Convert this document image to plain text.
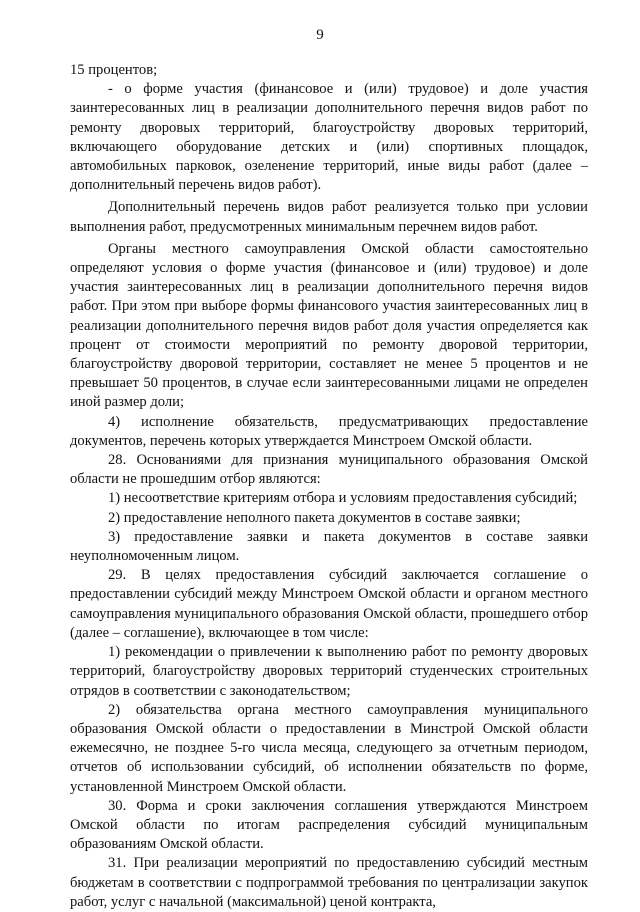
9

15 процентов;

- о форме участия (финансовое и (или) трудовое) и доле участия заинтересованных лиц в реализации дополнительного перечня видов работ по ремонту дворовых территорий, благоустройству дворовых территорий, включающего оборудование детских и (или) спортивных площадок, автомобильных парковок, озеленение территорий, иные виды работ (далее – дополнительный перечень видов работ).

Дополнительный перечень видов работ реализуется только при условии выполнения работ, предусмотренных минимальным перечнем видов работ.

Органы местного самоуправления Омской области самостоятельно определяют условия о форме участия (финансовое и (или) трудовое) и доле участия заинтересованных лиц в реализации дополнительного перечня видов работ. При этом при выборе формы финансового участия заинтересованных лиц в реализации дополнительного перечня видов работ доля участия определяется как процент от стоимости мероприятий по ремонту дворовой территории, благоустройству дворовой территории, составляет не менее 5 процентов и не превышает 50 процентов, в случае если заинтересованными лицами не определен иной размер доли;

4) исполнение обязательств, предусматривающих предоставление документов, перечень которых утверждается Минстроем Омской области.

28. Основаниями для признания муниципального образования Омской области не прошедшим отбор являются:

1) несоответствие критериям отбора и условиям предоставления субсидий;

2) предоставление неполного пакета документов в составе заявки;

3) предоставление заявки и пакета документов в составе заявки неуполномоченным лицом.

29. В целях предоставления субсидий заключается соглашение о предоставлении субсидий между Минстроем Омской области и органом местного самоуправления муниципального образования Омской области, прошедшего отбор (далее – соглашение), включающее в том числе:

1) рекомендации о привлечении к выполнению работ по ремонту дворовых территорий, благоустройству дворовых территорий студенческих строительных отрядов в соответствии с законодательством;

2) обязательства органа местного самоуправления муниципального образования Омской области о предоставлении в Минстрой Омской области ежемесячно, не позднее 5-го числа месяца, следующего за отчетным периодом, отчетов об использовании субсидий, об исполнении обязательств по форме, установленной Минстроем Омской области.

30. Форма и сроки заключения соглашения утверждаются Минстроем Омской области по итогам распределения субсидий муниципальным образованиям Омской области.

31. При реализации мероприятий по предоставлению субсидий местным бюджетам в соответствии с подпрограммой требования по централизации закупок работ, услуг с начальной (максимальной) ценой контракта,
